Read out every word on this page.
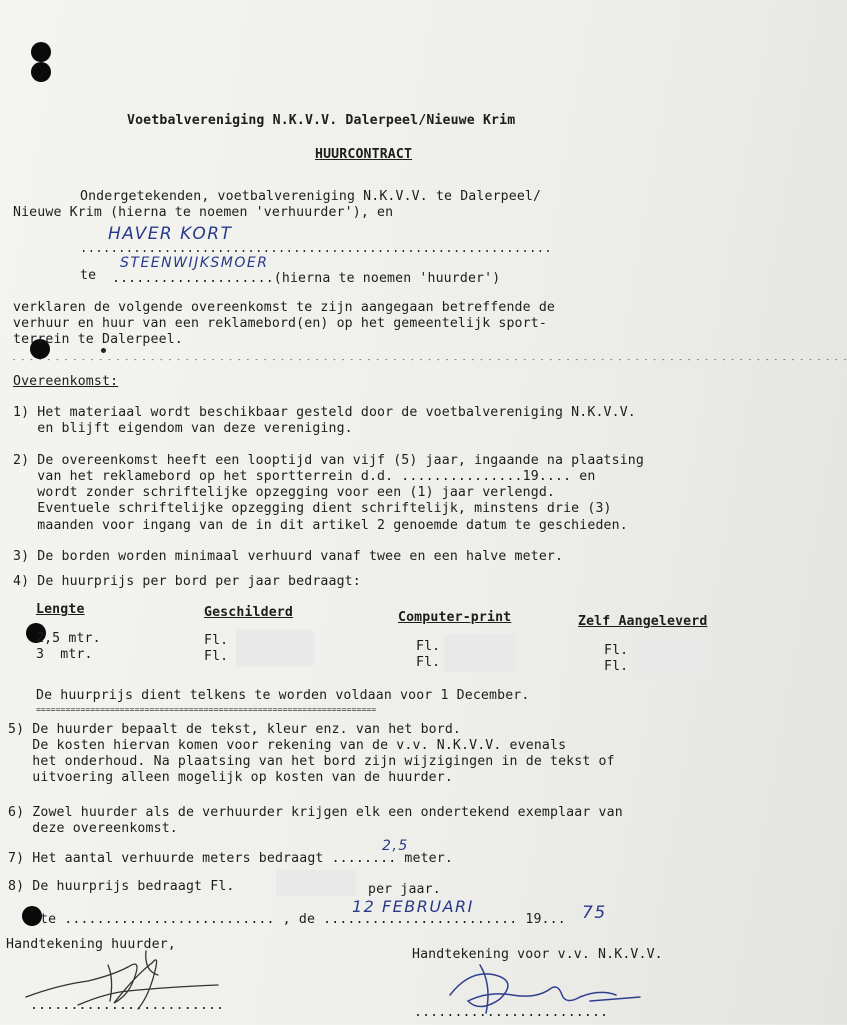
Voetbalvereniging N.K.V.V. Dalerpeel/Nieuwe Krim
HUURCONTRACT
Ondergetekenden, voetbalvereniging N.K.V.V. te Dalerpeel/
Nieuwe Krim (hierna te noemen 'verhuurder'), en
..............................................................
HAVER KORT
te ....................(hierna te noemen 'huurder')
STEENWIJKSMOER
verklaren de volgende overeenkomst te zijn aangegaan betreffende de
verhuur en huur van een reklamebord(en) op het gemeentelijk sport-
terrein te Dalerpeel.
- - - - - - - - - - - - - - - - - - - - - - - - - - - - - - - - - - - - - - - - - - - - - - - - - - - - - - - - - - - - - - - - - - - - - - - - - - - - - - - - - - - - - - - - - - - - - - - - -
Overeenkomst:
1) Het materiaal wordt beschikbaar gesteld door de voetbalvereniging N.K.V.V.
en blijft eigendom van deze vereniging.
2) De overeenkomst heeft een looptijd van vijf (5) jaar, ingaande na plaatsing
van het reklamebord op het sportterrein d.d. ...............19.... en
wordt zonder schriftelijke opzegging voor een (1) jaar verlengd.
Eventuele schriftelijke opzegging dient schriftelijk, minstens drie (3)
maanden voor ingang van de in dit artikel 2 genoemde datum te geschieden.
3) De borden worden minimaal verhuurd vanaf twee en een halve meter.
4) De huurprijs per bord per jaar bedraagt:
Lengte	Geschilderd	Computer-print	Zelf Aangeleverd
2,5 mtr.	Fl.	Fl.	Fl.
3  mtr.	Fl.	Fl.	Fl.
De huurprijs dient telkens te worden voldaan voor 1 December.
=====================================================================
5) De huurder bepaalt de tekst, kleur enz. van het bord.
De kosten hiervan komen voor rekening van de v.v. N.K.V.V. evenals
het onderhoud. Na plaatsing van het bord zijn wijzigingen in de tekst of
uitvoering alleen mogelijk op kosten van de huurder.
6) Zowel huurder als de verhuurder krijgen elk een ondertekend exemplaar van
deze overeenkomst.
7) Het aantal verhuurde meters bedraagt ........ meter.
2,5
8) De huurprijs bedraagt Fl.	per jaar.
te .......................... , de ........................ 19...
12 FEBRUARI	75
Handtekening huurder,
Handtekening voor v.v. N.K.V.V.
........................	........................
